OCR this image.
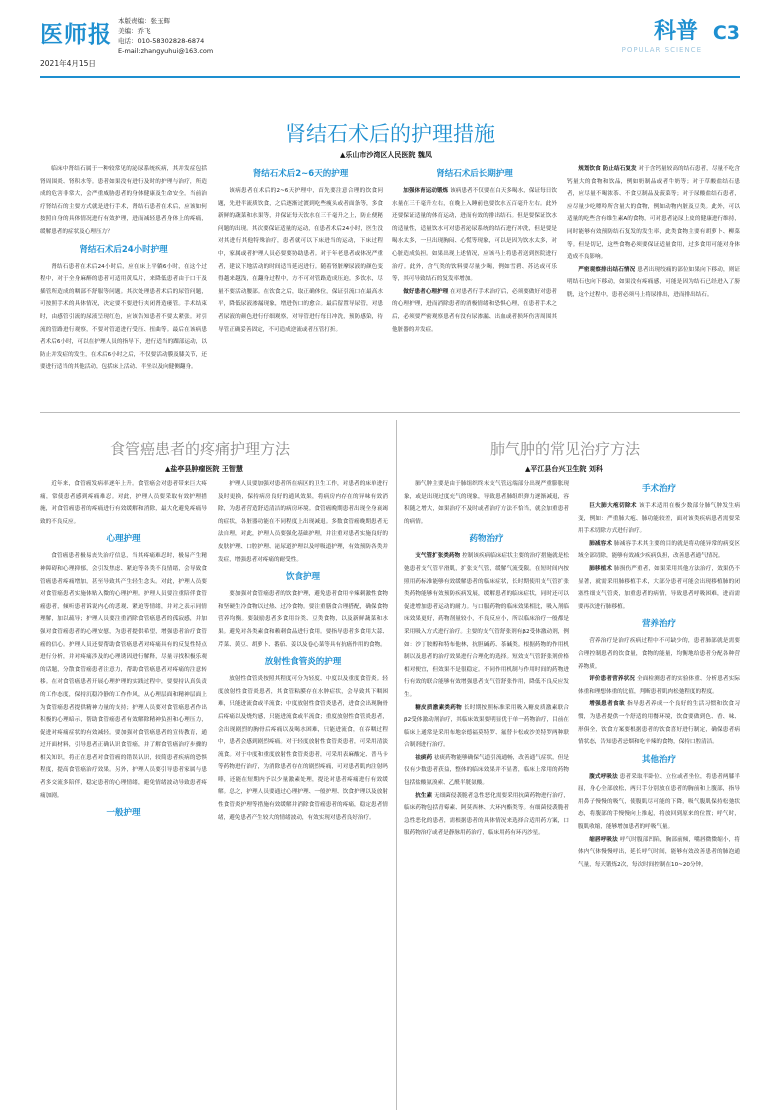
医师报
2021年4月15日
本版责编：张玉辉
美编：乔飞
电话：010-58302828-6874
E-mail:zhangyuhui@163.com
科普
POPULAR SCIENCE
C3
肾结石术后的护理措施
▲乐山市沙湾区人民医院 魏凤

临床中肾结石属于一种较常见的泌尿系统疾病，其并发症包括肾周围炎、肾积水等。患者如果没有进行及时的护理与治疗，所造成的危害非常大，会严重威胁患者的身体健康及生命安全。当前治疗肾结石的主要方式就是进行手术，肾结石患者在术后，应该如何按照自身的具体情况进行有效护理，进而减轻患者身体上的疼痛，缓解患者的症状及心理压力？

肾结石术后24小时护理

肾结石患者在术后24小时后，应在床上平躺6小时，在这个过程中，对于全身麻醉的患者可适用黄瓜片，来降低患者由于口干及插管所造成的咽部不舒服等问题。其次处理患者术后的尿管问题，可按照手术的具体情况，决定要不要进行夹闭肾造瘘管。手术结束时，由感管引流的尿液呈现红色，应该告知患者不要太紧张。对引流的管路进行观察，不要对管道进行受压、扭曲等。最后在该病患者术后6小时，可以在护理人员的指导下，进行适当的踝部运动，以防止并发症的发生，在术后6小时之后，不仅要活动膜及膝关节，还要进行适当的其他活动，包括床上活动、半坐以及向健侧翻身。

肾结石术后2~6天的护理

该病患者在术后的2~6天护理中，首先要注意合理的饮食问题，先进半流质饮食，之后逐渐过渡到吃些瘦头或者面条等，多食新鲜的蔬菜和水果等，并保证每天饮水在三千毫升之上，防止便秘问题的出现。其次要保证适量的运动，在患者术后24小时，医生没对其进行其他特殊治疗，患者就可以下床进当的运动，下床过程中，家属或者护理人员必要要协助患者。对于年老患者或体况严重者，建议下地活动的时间适当延迟进行。随着肾脏摩尿液的颜色变得越来越浅，在翻身过程中，方不可对管路造成压迫。多饮水，尽量不要活动腰部。在饮食之后，取正确体位，保证引流口在最高水平，降低尿液渗漏现象，增进伤口的愈合。最后留置导尿管，对患者尿液的颜色进行仔细观察，对导管进行每日冲洗，预防感染，待导管正确妥善固定，不可造成逆流或者压管打折。

肾结石术后长期护理

加强体育运动锻炼 该病患者不仅要在白天多喝水，保证每日饮水量在三千毫升左右，在晚上入睡前也要饮水五百毫升左右。此外还要保证适量的体育运动，进而有效的排出结石。但是要保证饮水的适量性，适量饮水可对患者泌尿系统的结石进行冲洗，但是要是喝水太多，一旦出现胸闷、心慌等现象，可以是因为饮水太多，对心脏造成负担。如果出现上述情况，应该马上将患者送到医院进行治疗。此外，含气类的饮料要尽量少喝，例如雪碧、苏达或可乐等，其可导致结石的复发率增加。

做好患者心理护理 在对患者行手术治疗后，必须要做好对患者的心理护理，进而消除患者的消极情绪和恐惧心理，在患者手术之后，必须要严密观察患者有没有尿渗漏、出血或者损坏伤害周围其他脏器的并发症。

规划饮食 防止结石复发 对于含钙量较高的结石患者，尽量不吃含钙量大的食物和饮品，例如奶制品或者牛奶等；对于草酸盐结石患者，应尽量不喝浓茶、不食豆制品及菠菜等；对于尿酸盐结石患者，应尽量少吃嘌呤所含量大的食物，例如动物内脏及豆类。此外，可以适量的吃些含有维生素A的食物，可对患者泌尿上皮的健康进行维持，同时能够有效预防结石复发的发生率，此类食物主要有胡萝卜、柳菜等。但是切记，这些食物必须要保证适量食用，过多食用可能对身体造成不良影响。

严密观察排出结石情况 患者出现绞痛的部位如果向下移动，则证明结石也向下移动，如果没有疼痛感，可能是因为结石已经进入了膀胱，这个过程中，患者必须马上将尿排出，进而排出结石。

食管癌患者的疼痛护理方法
▲盐亭县肿瘤医院 王智慧

近年来，食管癌发病率逐年上升。食管癌会对患者带来巨大疼痛，常使患者感到疼痛难忍。对此，护理人员要采取有效护理措施，对食管癌患者的疼痛进行有效缓解和消除，最大化避免疼痛导致的不良反应。

心理护理

食管癌患者极易丧失治疗信息，当其疼痛难忍时，极易产生精神障碍和心理抑郁，会引发焦虑、紧迫等各类不良情绪，会导致食管癌患者疼痛增加，甚至导致其产生轻生念头。对此，护理人员要对食管癌患者实施体贴入微的心理护理。护理人员要注重陪伴食管癌患者，倾听患者诉说内心的悲观、紧迫等情绪，并对之表示同情理解，加以疏导；护理人员要注重消除食管癌患者的孤寂感，并加强对食管癌患者的心理安慰，为患者提供希望，增强患者治疗食管癌的信心。护理人员还要帮助食管癌患者对疼痛具有的反复性特点进行分析，并对疼痛涉及的心理诱因进行解释，尽量寻找积极乐观的话题，分散食管癌患者注意力，帮助食管癌患者对疼痛的注意转移。在对食管癌患者开展心理护理的实践过程中，要要持认真负责的工作态度，保持沉稳冷静的工作作风，从心理层面和精神层面上为食管癌患者提供精神力量的支持；护理人员要对食管癌患者作出积极的心理暗示，帮助食管癌患者有效解除精神负担和心理压力，促进对疼痛症状的有效减轻。要加强对食管癌患者的宣传教育，通过开面材料，引导患者正确认识食管癌，并了解食管癌治疗步骤的相关知识，将正在患者对食管癌的错误认识，较简患者疾病的恐惧程度，提高食管癌治疗效果。另外，护理人员要引导患者家属与患者多交流多陪伴，稳定患者的心理情绪，避免情绪波动导致患者疼痛加剧。

一般护理

护理人员要加强对患者所在病区的卫生工作，对患者的床单进行及时更换，保持病房良好的通风效果，将病房内存在的异味有效消除，为患者营造舒适清洁的病房环境。食管癌晚期患者出现全身衰竭的症状，各脏器功能在不同程度上出现减退。多数食管癌晚期患者无法自理，对此，护理人员要强化基础护理，并注重对患者实施良好的皮肤护理、口腔护理、泌尿道护理以及呼吸道护理，有效预防各类并发症，增强患者对疼痛的耐受性。

饮食护理

要加强对食管癌患者的饮食护理，避免患者食用辛辣刺激性食物和坚硬生冷食物以过热、过冷食物。要注重膳食合理搭配，确保食物营养均衡。要鼓励患者多食用谷类、豆类食物，以及新鲜蔬菜和水果。避免对各类素食和赖刺食品进行食用。要指导患者多食用大蒜、芹菜、黄豆、胡萝卜、番茄、姜以及卷心菜等具有抗癌作用的食物。

放射性食管炎的护理

放射性食管炎按照其程度可分为轻度、中度以及重度食管炎。轻度放射性食管炎患者，其食管粘膜存在水肿症状，会导致其下咽困难，只能进流食或半流食；中度放射性食管炎患者，进食会出现胸骨后疼痛以及烧灼感，只能进流食或半流食；重度放射性食管炎患者，会出现剧烈的胸骨后疼痛以及喝水困难，只能进流食，在吞咽过程中，患者会感到剧烈疼痛。对于轻度放射性食管炎患者，可采用清淡流食。对于中度和重度放射性食管炎患者，可采用表麻酸定、普马卡等药物进行治疗，为消除患者存在的剧烈疼痛，可对患者肌肉注射吗啡，还能在短期内予以少量激素处理，提论对患者疼痛进行有效缓解。总之，护理人员要通过心理护理、一般护理、饮食护理以及放射性食管炎护理等措施有效缓解并消除食管癌患者的疼痛，稳定患者情绪，避免患者产生较大的情绪波动，有效实现对患者良好治疗。

肺气肿的常见治疗方法
▲平江县台兴卫生院 刘科

肺气肿主要是由于肺组织终末支气管远端部分出现严重膨胀现象，或是出现过度充气的现象，导致患者肺组织弹力逐渐减退，容积随之增大，如果治疗不及时或者治疗方法不恰当，就会加重患者的病情。

药物治疗

支气管扩张类药物 控制该疾病临床症状主要的治疗措施就是松弛患者支气管平滑肌，扩张支气管，缓解气流受限。在短时间内按照用药标准能够有效缓解患者的临床症状，长时期使用支气管扩张类药物能够有效预防疾病发展，缓解患者的临床症状，同时还可以促进增加患者运动的耐力。与口服药物的临床效果相比，吸入剂临床效果更好，药物剂量较小，不良反应小，所以临床治疗一般都是采用吸入方式进行治疗。主要的支气管舒张剂有β2受体激动剂，例如：沙丁胺醇和特布他林，抗胆碱药、茶碱类。根据药物的作用机制以及患者的治疗效果进行合理化的选择。短效支气管舒张剂价格相对便宜，但效果不是很稳定。不同作用机制与作用时间的药物进行有效的联合能够有效增强患者支气管舒张作用，降低不良反应发生。

糖皮质激素类药物 长时期按照标准采用吸入糖皮质激素联合β2受体激动剂治疗，其临床效果要明显优于单一药物治疗，目前在临床上通常是采用布地奈德福莫特罗、氟替卡松或沙美特罗两种联合制剂进行治疗。

祛痰药 祛痰药物能够确保气道引流通畅，改善通气症状，但是仅有少数患者获益，整体的临床效果并不显著，临床上常用的药物包括盐酸氨溴索、乙酰半胱氨酸。

抗生素 无细菌侵袭脆者急性恶化需要采用抗菌药物进行治疗，临床药物包括青霉素、阿莫西林、大环内酯类等。有细菌侵袭脆者急性恶化的患者，需根据患者的具体情况来选择合适用药方案，口服药物治疗或者是静脉用药治疗，临床用药有环丙沙星。

手术治疗

巨大肺大疱切除术 该手术适用在极少数部分肺气肿发生病变，例如：严重肺大疱、肺功能较差，面对该类疾病患者需要采用手术切除方式进行治疗。

肺减容术 肺减容手术其主要的目的就是将功能异常的病变区域全部切除，能够有效减少疾病负担，改善患者通气情况。

肺移植术 肺损伤严重者，如果采用其他方法治疗，效果仍不显著，就需采用肺移植手术，大部分患者可能会出现移植肺的闭塞性细支气管炎，加重患者的病情，导致患者呼吸困难，进而需要再次进行肺移植。

营养治疗

营养治疗是治疗疾病过程中不可缺少的，患者肺部就是需要合理控制患者的饮食量，食物的能量，均衡地给患者分配各种营养物质。

评价患者营养状况 全面检测患者的实验体重、分析患者实际体重和理想体重的比值，判断患者肌肉松弛程度的程度。

增强患者食欲 指导患者养成一个良好的生活习惯和饮食习惯，为患者提供一个舒适的用餐环境，饮食要做到色、香、味、形俱全，饮食方案要根据患者的饮食喜好进行制定，确保患者病情状态，告知患者忌烟和吃辛辣的食物，保持口腔清洁。

其他治疗

腹式呼吸法 患者采取半卧位、立位或者坐位，将患者两膝半屈，身心全部放松，两只手分别放在患者的胸前和上腹部，指导用鼻子慢慢的吸气，使腹肌尽可能的下降，吸气腹肌保持松弛状态，将腹部的手慢慢向上推起，将放回到原来的位置；呼气时，腹肌收缩，能够增加患者的呼吸气量。

缩唇呼吸法 呼气时腹部凹陷，胸部前倾，嘴唇微微缩小，将体内气体慢慢呼出，延长呼气时间，能够有效改善患者的肺泡通气量，每天锻炼2次，每次时间控制在10~20分钟。
